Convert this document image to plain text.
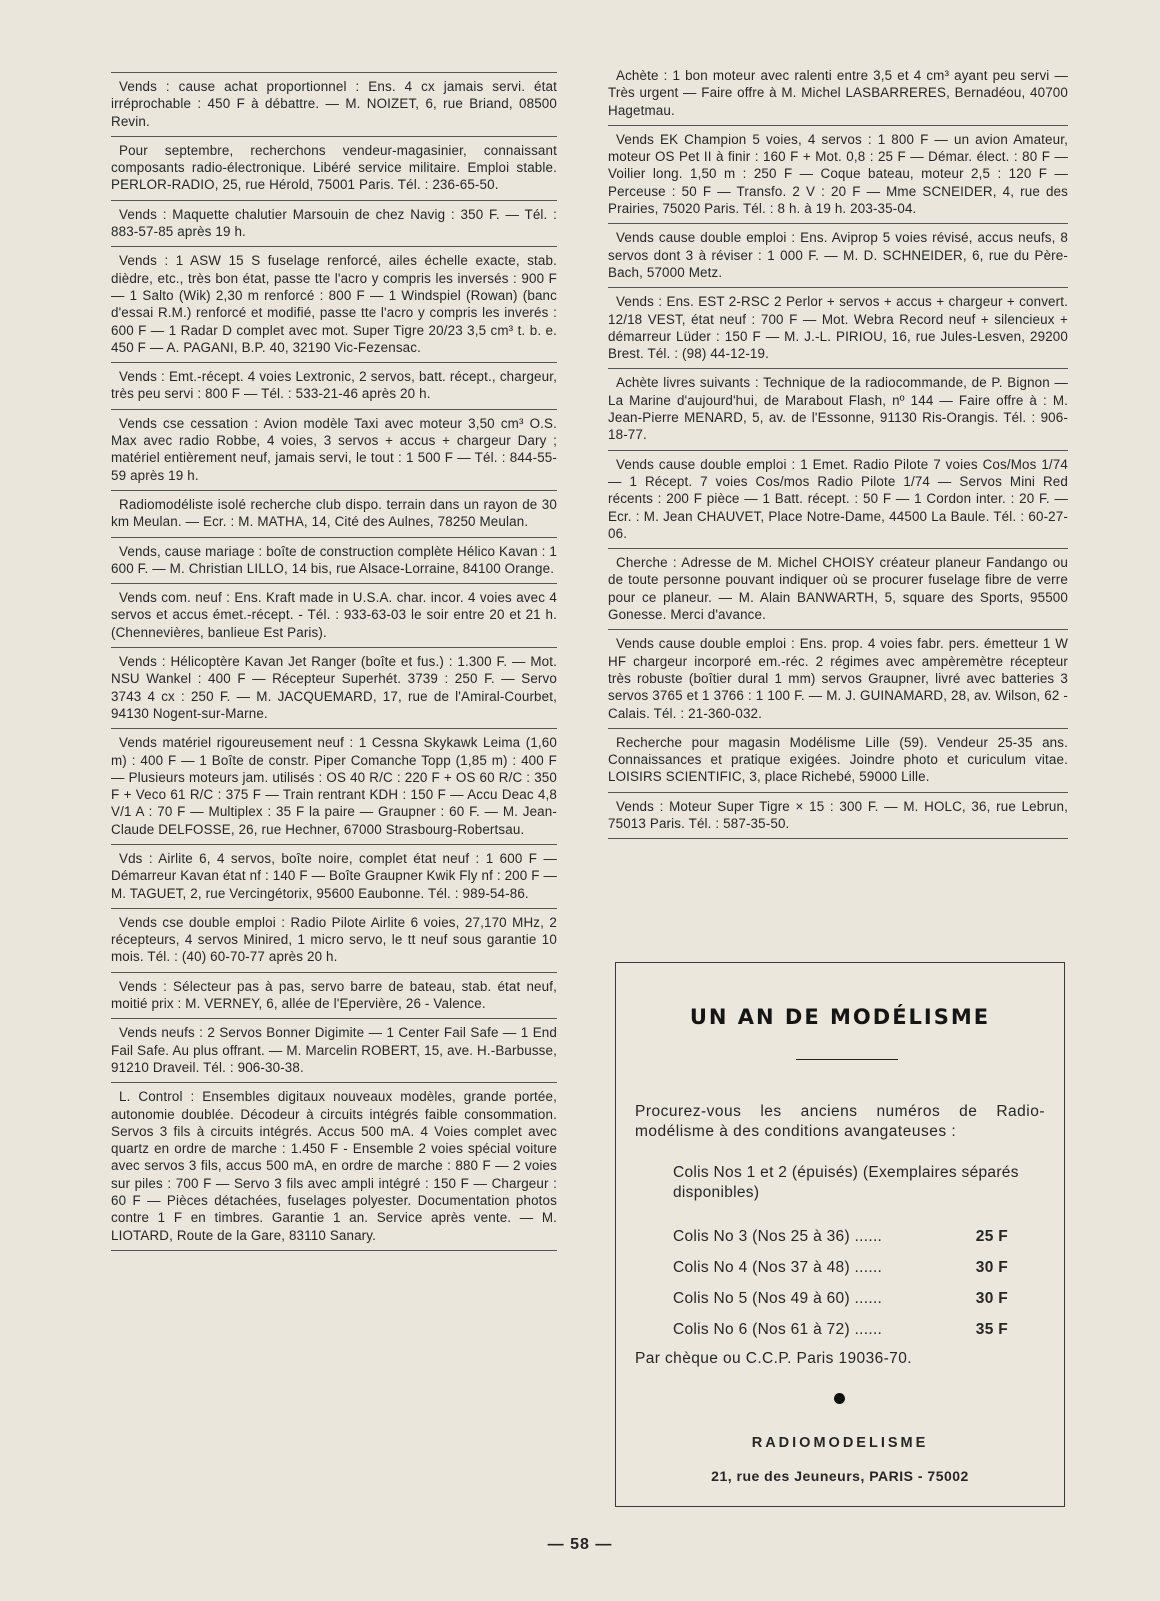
Vends : cause achat proportionnel : Ens. 4 cx jamais servi. état irréprochable : 450 F à débattre. — M. NOIZET, 6, rue Briand, 08500 Revin.
Pour septembre, recherchons vendeur-magasinier, connaissant composants radio-électronique. Libéré service militaire. Emploi stable. PERLOR-RADIO, 25, rue Hérold, 75001 Paris. Tél. : 236-65-50.
Vends : Maquette chalutier Marsouin de chez Navig : 350 F. — Tél. : 883-57-85 après 19 h.
Vends : 1 ASW 15 S fuselage renforcé, ailes échelle exacte, stab. dièdre, etc., très bon état, passe tte l'acro y compris les inversés : 900 F — 1 Salto (Wik) 2,30 m renforcé : 800 F — 1 Windspiel (Rowan) (banc d'essai R.M.) renforcé et modifié, passe tte l'acro y compris les inverés : 600 F — 1 Radar D complet avec mot. Super Tigre 20/23 3,5 cm³ t. b. e. 450 F — A. PAGANI, B.P. 40, 32190 Vic-Fezensac.
Vends : Emt.-récept. 4 voies Lextronic, 2 servos, batt. récept., chargeur, très peu servi : 800 F — Tél. : 533-21-46 après 20 h.
Vends cse cessation : Avion modèle Taxi avec moteur 3,50 cm³ O.S. Max avec radio Robbe, 4 voies, 3 servos + accus + chargeur Dary ; matériel entièrement neuf, jamais servi, le tout : 1 500 F — Tél. : 844-55-59 après 19 h.
Radiomodéliste isolé recherche club dispo. terrain dans un rayon de 30 km Meulan. — Ecr. : M. MATHA, 14, Cité des Aulnes, 78250 Meulan.
Vends, cause mariage : boîte de construction complète Hélico Kavan : 1 600 F. — M. Christian LILLO, 14 bis, rue Alsace-Lorraine, 84100 Orange.
Vends com. neuf : Ens. Kraft made in U.S.A. char. incor. 4 voies avec 4 servos et accus émet.-récept. - Tél. : 933-63-03 le soir entre 20 et 21 h. (Chennevières, banlieue Est Paris).
Vends : Hélicoptère Kavan Jet Ranger (boîte et fus.) : 1.300 F. — Mot. NSU Wankel : 400 F — Récepteur Superhét. 3739 : 250 F. — Servo 3743 4 cx : 250 F. — M. JACQUEMARD, 17, rue de l'Amiral-Courbet, 94130 Nogent-sur-Marne.
Vends matériel rigoureusement neuf : 1 Cessna Skykawk Leima (1,60 m) : 400 F — 1 Boîte de constr. Piper Comanche Topp (1,85 m) : 400 F — Plusieurs moteurs jam. utilisés : OS 40 R/C : 220 F + OS 60 R/C : 350 F + Veco 61 R/C : 375 F — Train rentrant KDH : 150 F — Accu Deac 4,8 V/1 A : 70 F — Multiplex : 35 F la paire — Graupner : 60 F. — M. Jean-Claude DELFOSSE, 26, rue Hechner, 67000 Strasbourg-Robertsau.
Vds : Airlite 6, 4 servos, boîte noire, complet état neuf : 1 600 F — Démarreur Kavan état nf : 140 F — Boîte Graupner Kwik Fly nf : 200 F — M. TAGUET, 2, rue Vercingétorix, 95600 Eaubonne. Tél. : 989-54-86.
Vends cse double emploi : Radio Pilote Airlite 6 voies, 27,170 MHz, 2 récepteurs, 4 servos Minired, 1 micro servo, le tt neuf sous garantie 10 mois. Tél. : (40) 60-70-77 après 20 h.
Vends : Sélecteur pas à pas, servo barre de bateau, stab. état neuf, moitié prix : M. VERNEY, 6, allée de l'Epervière, 26 - Valence.
Vends neufs : 2 Servos Bonner Digimite — 1 Center Fail Safe — 1 End Fail Safe. Au plus offrant. — M. Marcelin ROBERT, 15, ave. H.-Barbusse, 91210 Draveil. Tél. : 906-30-38.
L. Control : Ensembles digitaux nouveaux modèles, grande portée, autonomie doublée. Décodeur à circuits intégrés faible consommation. Servos 3 fils à circuits intégrés. Accus 500 mA. 4 Voies complet avec quartz en ordre de marche : 1.450 F - Ensemble 2 voies spécial voiture avec servos 3 fils, accus 500 mA, en ordre de marche : 880 F — 2 voies sur piles : 700 F — Servo 3 fils avec ampli intégré : 150 F — Chargeur : 60 F — Pièces détachées, fuselages polyester. Documentation photos contre 1 F en timbres. Garantie 1 an. Service après vente. — M. LIOTARD, Route de la Gare, 83110 Sanary.
Achète : 1 bon moteur avec ralenti entre 3,5 et 4 cm³ ayant peu servi — Très urgent — Faire offre à M. Michel LASBARRERES, Bernadéou, 40700 Hagetmau.
Vends EK Champion 5 voies, 4 servos : 1 800 F — un avion Amateur, moteur OS Pet II à finir : 160 F + Mot. 0,8 : 25 F — Démar. élect. : 80 F — Voilier long. 1,50 m : 250 F — Coque bateau, moteur 2,5 : 120 F — Perceuse : 50 F — Transfo. 2 V : 20 F — Mme SCNEIDER, 4, rue des Prairies, 75020 Paris. Tél. : 8 h. à 19 h. 203-35-04.
Vends cause double emploi : Ens. Aviprop 5 voies révisé, accus neufs, 8 servos dont 3 à réviser : 1 000 F. — M. D. SCHNEIDER, 6, rue du Père-Bach, 57000 Metz.
Vends : Ens. EST 2-RSC 2 Perlor + servos + accus + chargeur + convert. 12/18 VEST, état neuf : 700 F — Mot. Webra Record neuf + silencieux + démarreur Lüder : 150 F — M. J.-L. PIRIOU, 16, rue Jules-Lesven, 29200 Brest. Tél. : (98) 44-12-19.
Achète livres suivants : Technique de la radiocommande, de P. Bignon — La Marine d'aujourd'hui, de Marabout Flash, nº 144 — Faire offre à : M. Jean-Pierre MENARD, 5, av. de l'Essonne, 91130 Ris-Orangis. Tél. : 906-18-77.
Vends cause double emploi : 1 Emet. Radio Pilote 7 voies Cos/Mos 1/74 — 1 Récept. 7 voies Cos/mos Radio Pilote 1/74 — Servos Mini Red récents : 200 F pièce — 1 Batt. récept. : 50 F — 1 Cordon inter. : 20 F. — Ecr. : M. Jean CHAUVET, Place Notre-Dame, 44500 La Baule. Tél. : 60-27-06.
Cherche : Adresse de M. Michel CHOISY créateur planeur Fandango ou de toute personne pouvant indiquer où se procurer fuselage fibre de verre pour ce planeur. — M. Alain BANWARTH, 5, square des Sports, 95500 Gonesse. Merci d'avance.
Vends cause double emploi : Ens. prop. 4 voies fabr. pers. émetteur 1 W HF chargeur incorporé em.-réc. 2 régimes avec ampèremètre récepteur très robuste (boîtier dural 1 mm) servos Graupner, livré avec batteries 3 servos 3765 et 1 3766 : 1 100 F. — M. J. GUINAMARD, 28, av. Wilson, 62 - Calais. Tél. : 21-360-032.
Recherche pour magasin Modélisme Lille (59). Vendeur 25-35 ans. Connaissances et pratique exigées. Joindre photo et curiculum vitae. LOISIRS SCIENTIFIC, 3, place Richebé, 59000 Lille.
Vends : Moteur Super Tigre × 15 : 300 F. — M. HOLC, 36, rue Lebrun, 75013 Paris. Tél. : 587-35-50.
UN AN DE MODÉLISME
Procurez-vous les anciens numéros de Radio-modélisme à des conditions avangateuses :
Colis Nos 1 et 2 (épuisés) (Exemplaires séparés disponibles)
Colis No 3 (Nos 25 à 36) ......	25 F
Colis No 4 (Nos 37 à 48) ......	30 F
Colis No 5 (Nos 49 à 60) ......	30 F
Colis No 6 (Nos 61 à 72) ......	35 F
Par chèque ou C.C.P. Paris 19036-70.
RADIOMODELISME
21, rue des Jeuneurs, PARIS - 75002
— 58 —
